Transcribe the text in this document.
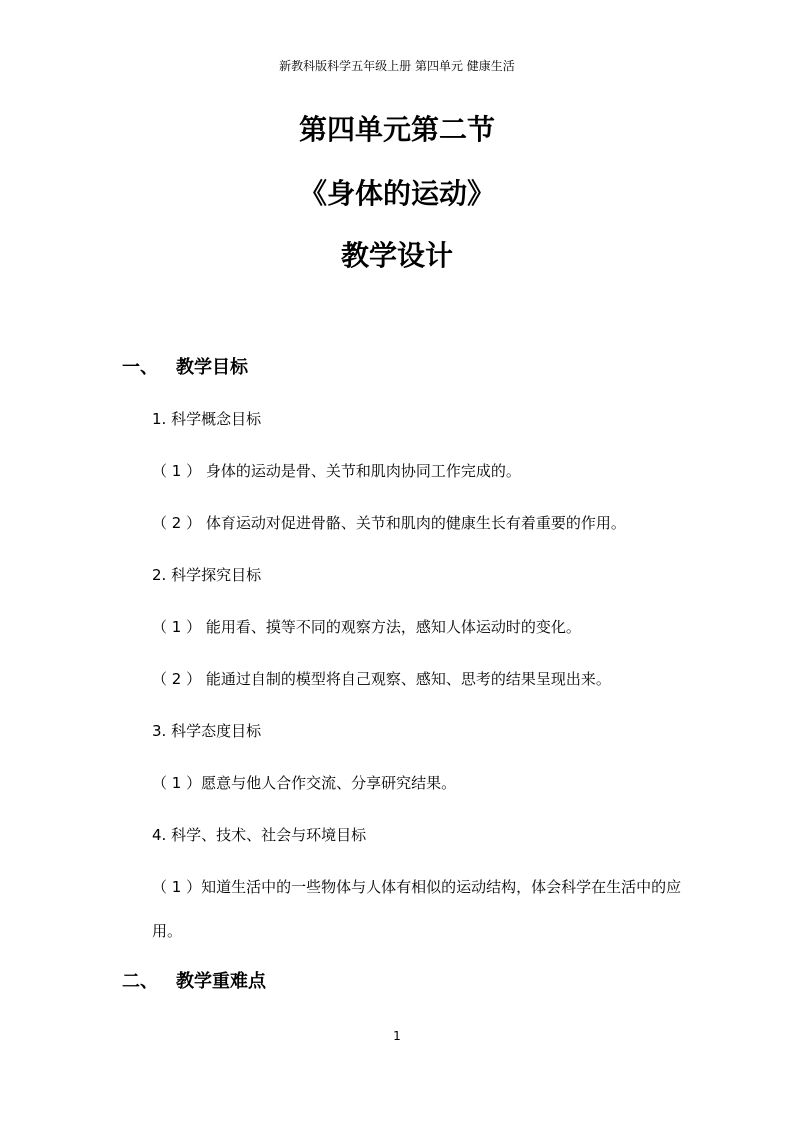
新教科版科学五年级上册 第四单元 健康生活
第四单元第二节
《身体的运动》
教学设计
一、 教学目标
1. 科学概念目标
（ 1 ） 身体的运动是骨、关节和肌肉协同工作完成的。
（ 2 ） 体育运动对促进骨骼、关节和肌肉的健康生长有着重要的作用。
2. 科学探究目标
（ 1 ） 能用看、摸等不同的观察方法，感知人体运动时的变化。
（ 2 ） 能通过自制的模型将自己观察、感知、思考的结果呈现出来。
3. 科学态度目标
（ 1 ）愿意与他人合作交流、分享研究结果。
4. 科学、技术、社会与环境目标
（ 1 ）知道生活中的一些物体与人体有相似的运动结构，体会科学在生活中的应用。
二、 教学重难点
1
